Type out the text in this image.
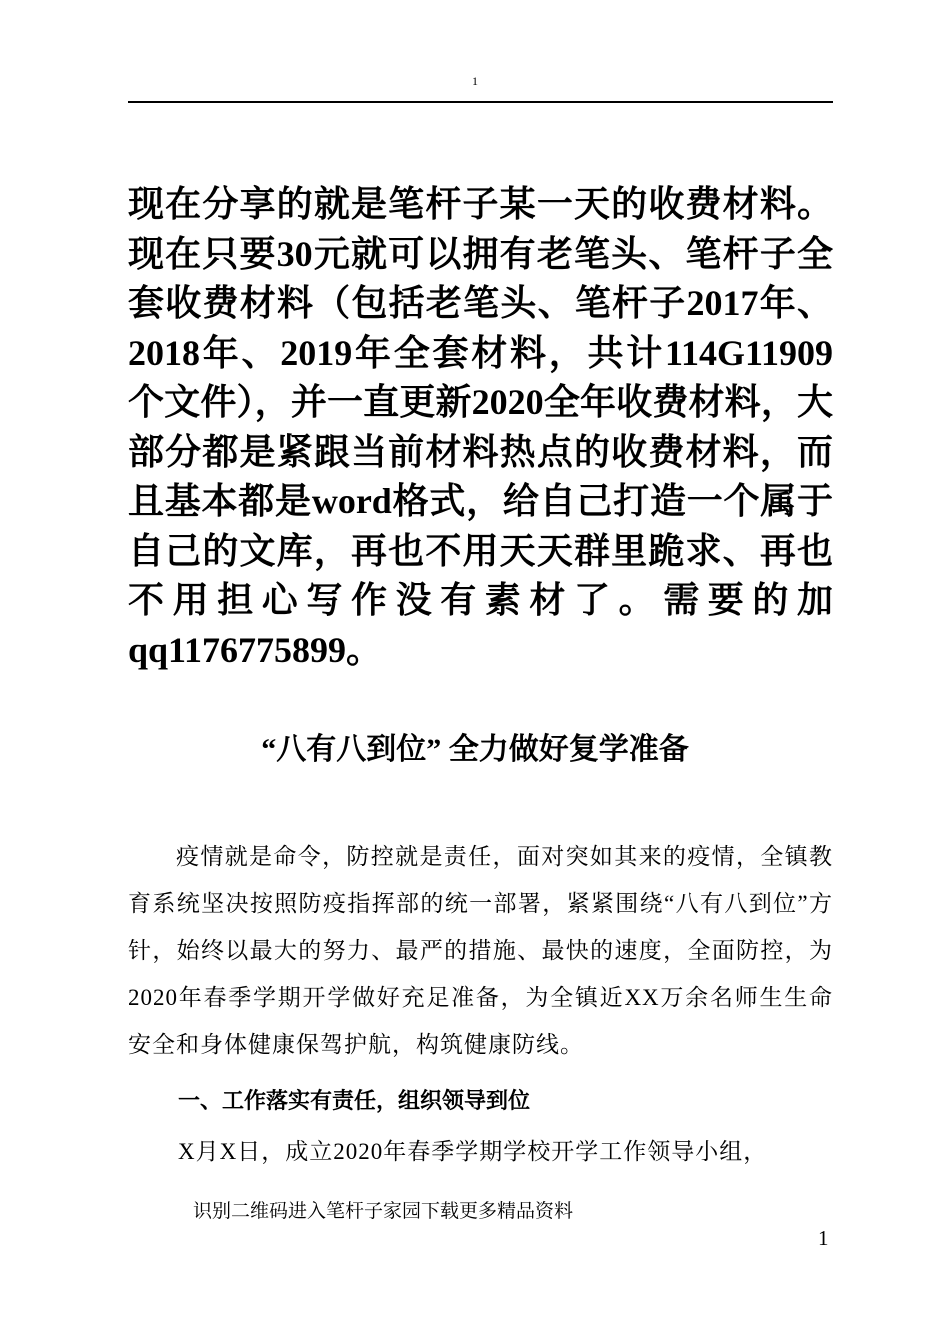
1

现在分享的就是笔杆子某一天的收费材料。现在只要30元就可以拥有老笔头、笔杆子全套收费材料（包括老笔头、笔杆子2017年、2018年、2019年全套材料，共计114G11909个文件），并一直更新2020全年收费材料，大部分都是紧跟当前材料热点的收费材料，而且基本都是word格式，给自己打造一个属于自己的文库，再也不用天天群里跪求、再也不用担心写作没有素材了。需要的加qq1176775899。

“八有八到位” 全力做好复学准备

疫情就是命令，防控就是责任，面对突如其来的疫情，全镇教育系统坚决按照防疫指挥部的统一部署，紧紧围绕“八有八到位”方针，始终以最大的努力、最严的措施、最快的速度，全面防控，为2020年春季学期开学做好充足准备，为全镇近XX万余名师生生命安全和身体健康保驾护航，构筑健康防线。

一、工作落实有责任，组织领导到位

X月X日，成立2020年春季学期学校开学工作领导小组，

识别二维码进入笔杆子家园下载更多精品资料
1
